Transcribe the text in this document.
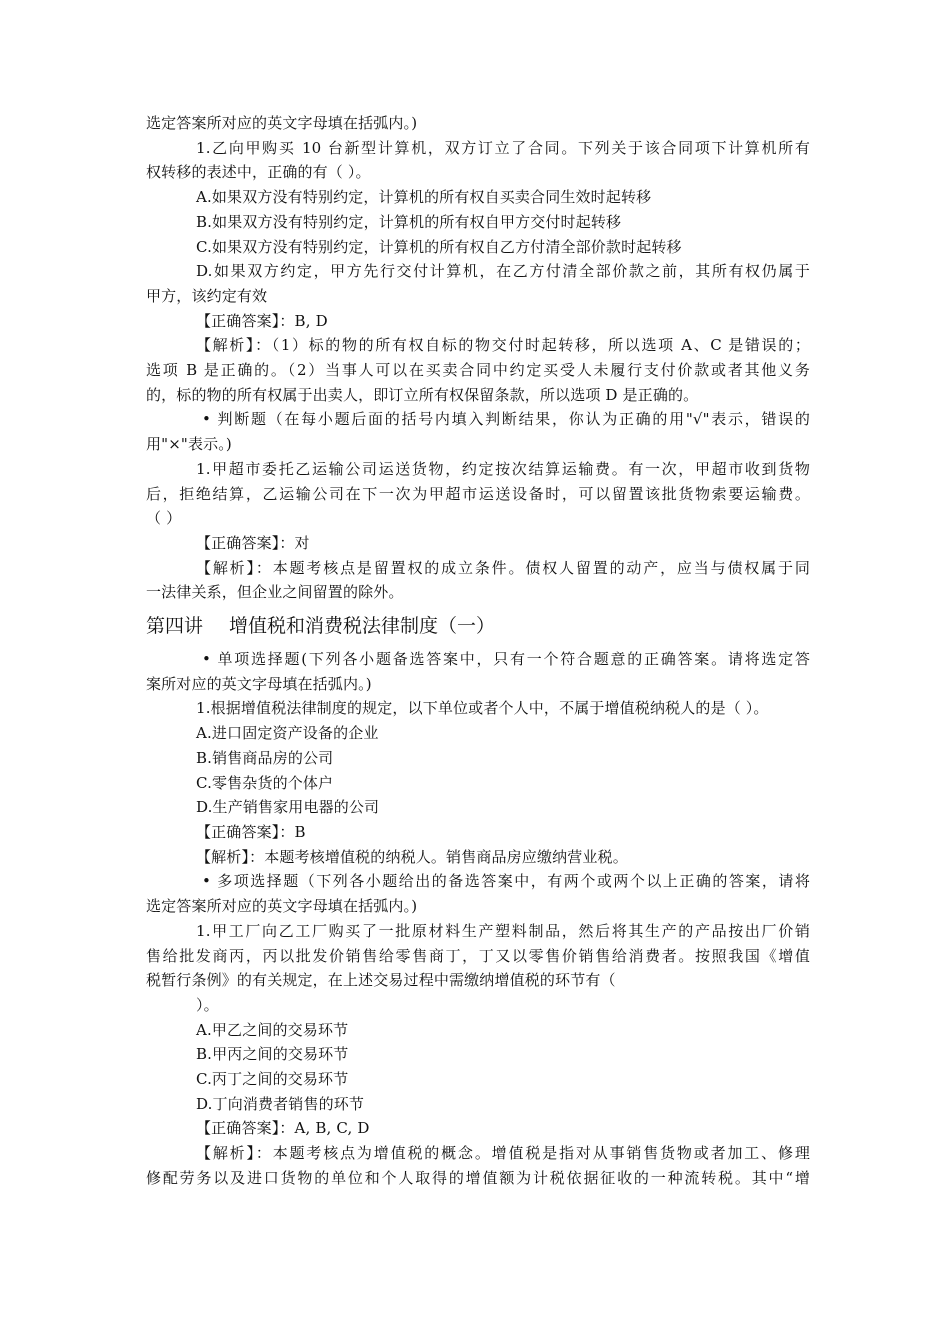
选定答案所对应的英文字母填在括弧内。)
1.乙向甲购买 10 台新型计算机，双方订立了合同。下列关于该合同项下计算机所有
权转移的表述中，正确的有（ ）。
A.如果双方没有特别约定，计算机的所有权自买卖合同生效时起转移
B.如果双方没有特别约定，计算机的所有权自甲方交付时起转移
C.如果双方没有特别约定，计算机的所有权自乙方付清全部价款时起转移
D.如果双方约定，甲方先行交付计算机，在乙方付清全部价款之前，其所有权仍属于
甲方，该约定有效
【正确答案】：B, D
【解析】：（1）标的物的所有权自标的物交付时起转移，所以选项 A、C 是错误的；
选项 B 是正确的。（2）当事人可以在买卖合同中约定买受人未履行支付价款或者其他义务
的，标的物的所有权属于出卖人，即订立所有权保留条款，所以选项 D 是正确的。
• 判断题（在每小题后面的括号内填入判断结果，你认为正确的用"√"表示，错误的
用"×"表示。)
1.甲超市委托乙运输公司运送货物，约定按次结算运输费。有一次，甲超市收到货物
后，拒绝结算，乙运输公司在下一次为甲超市运送设备时，可以留置该批货物索要运输费。
（ ）
【正确答案】：对
【解析】：本题考核点是留置权的成立条件。债权人留置的动产，应当与债权属于同
一法律关系，但企业之间留置的除外。
第四讲 增值税和消费税法律制度（一）
• 单项选择题(下列各小题备选答案中，只有一个符合题意的正确答案。请将选定答
案所对应的英文字母填在括弧内。)
1.根据增值税法律制度的规定，以下单位或者个人中，不属于增值税纳税人的是（ ）。
A.进口固定资产设备的企业
B.销售商品房的公司
C.零售杂货的个体户
D.生产销售家用电器的公司
【正确答案】：B
【解析】：本题考核增值税的纳税人。销售商品房应缴纳营业税。
• 多项选择题（下列各小题给出的备选答案中，有两个或两个以上正确的答案，请将
选定答案所对应的英文字母填在括弧内。)
1.甲工厂向乙工厂购买了一批原材料生产塑料制品，然后将其生产的产品按出厂价销
售给批发商丙，丙以批发价销售给零售商丁，丁又以零售价销售给消费者。按照我国《增值
税暂行条例》的有关规定，在上述交易过程中需缴纳增值税的环节有（
）。
A.甲乙之间的交易环节
B.甲丙之间的交易环节
C.丙丁之间的交易环节
D.丁向消费者销售的环节
【正确答案】：A, B, C, D
【解析】：本题考核点为增值税的概念。增值税是指对从事销售货物或者加工、修理
修配劳务以及进口货物的单位和个人取得的增值额为计税依据征收的一种流转税。其中“增
